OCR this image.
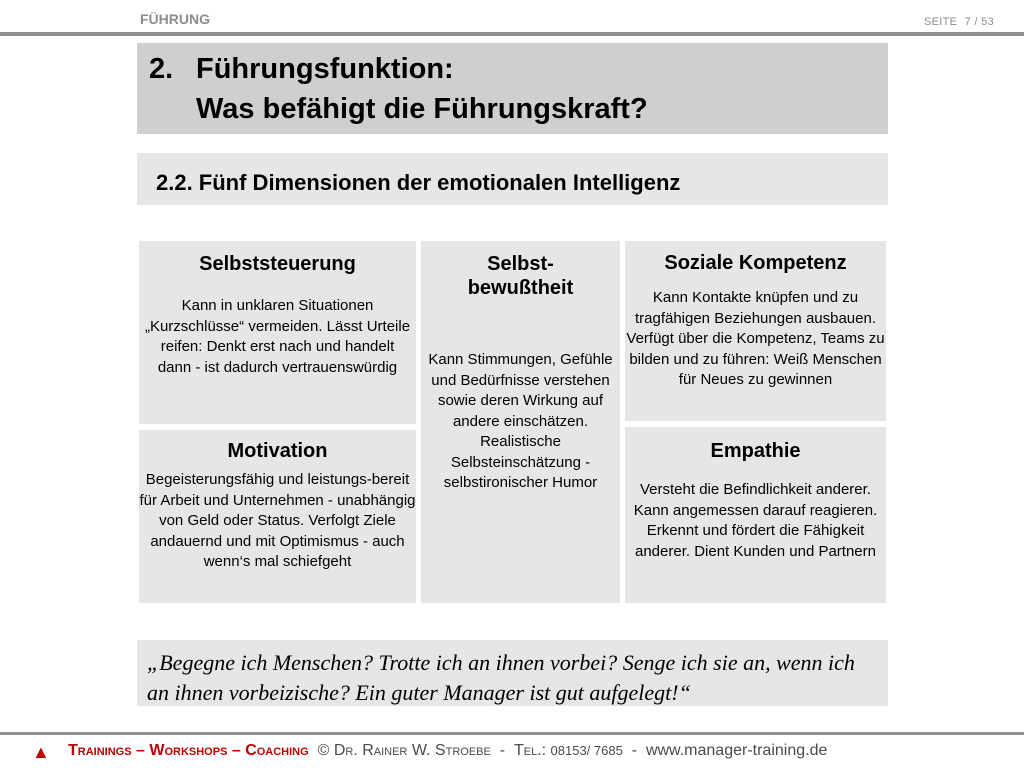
FÜHRUNG	SEITE 7 / 53
2. Führungsfunktion:
Was befähigt die Führungskraft?
2.2. Fünf Dimensionen der emotionalen Intelligenz
Selbststeuerung

Kann in unklaren Situationen „Kurzschlüsse“ vermeiden. Lässt Urteile reifen: Denkt erst nach und handelt dann - ist dadurch vertrauenswürdig

Motivation

Begeisterungsfähig und leistungs-bereit für Arbeit und Unternehmen - unabhängig von Geld oder Status. Verfolgt Ziele andauernd und mit Optimismus - auch wenn‘s mal schiefgeht

Selbst-bewußtheit

Kann Stimmungen, Gefühle und Bedürfnisse verstehen sowie deren Wirkung auf andere einschätzen. Realistische Selbsteinschätzung - selbstironischer Humor

Soziale Kompetenz

Kann Kontakte knüpfen und zu tragfähigen Beziehungen ausbauen. Verfügt über die Kompetenz, Teams zu bilden und zu führen: Weiß Menschen für Neues zu gewinnen

Empathie

Versteht die Befindlichkeit anderer. Kann angemessen darauf reagieren. Erkennt und fördert die Fähigkeit anderer. Dient Kunden und Partnern

„Begegne ich Menschen? Trotte ich an ihnen vorbei? Senge ich sie an, wenn ich an ihnen vorbeizische? Ein guter Manager ist gut aufgelegt!“
▲ Trainings – Workshops – Coaching © Dr. Rainer W. Stroebe - Tel.: 08153/ 7685 - www.manager-training.de
